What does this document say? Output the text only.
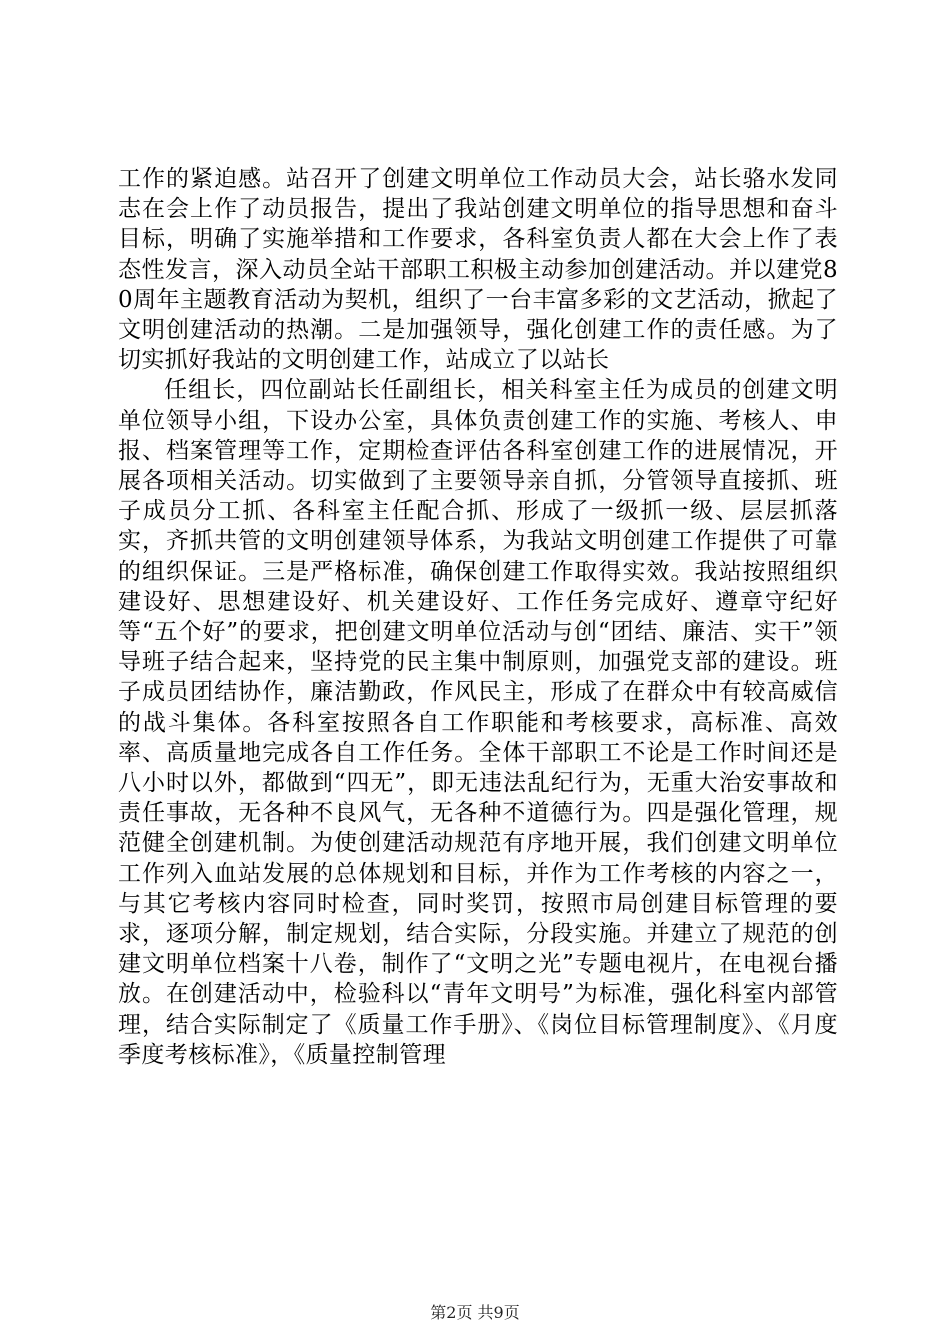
工作的紧迫感。站召开了创建文明单位工作动员大会，站长骆水发同志在会上作了动员报告，提出了我站创建文明单位的指导思想和奋斗目标，明确了实施举措和工作要求，各科室负责人都在大会上作了表态性发言，深入动员全站干部职工积极主动参加创建活动。并以建党80周年主题教育活动为契机，组织了一台丰富多彩的文艺活动，掀起了文明创建活动的热潮。二是加强领导，强化创建工作的责任感。为了切实抓好我站的文明创建工作，站成立了以站长

任组长，四位副站长任副组长，相关科室主任为成员的创建文明单位领导小组，下设办公室，具体负责创建工作的实施、考核人、申报、档案管理等工作，定期检查评估各科室创建工作的进展情况，开展各项相关活动。切实做到了主要领导亲自抓，分管领导直接抓、班子成员分工抓、各科室主任配合抓、形成了一级抓一级、层层抓落实，齐抓共管的文明创建领导体系，为我站文明创建工作提供了可靠的组织保证。三是严格标准，确保创建工作取得实效。我站按照组织建设好、思想建设好、机关建设好、工作任务完成好、遵章守纪好等“五个好”的要求，把创建文明单位活动与创“团结、廉洁、实干”领导班子结合起来，坚持党的民主集中制原则，加强党支部的建设。班子成员团结协作，廉洁勤政，作风民主，形成了在群众中有较高威信的战斗集体。各科室按照各自工作职能和考核要求，高标准、高效率、高质量地完成各自工作任务。全体干部职工不论是工作时间还是八小时以外，都做到“四无”，即无违法乱纪行为，无重大治安事故和责任事故，无各种不良风气，无各种不道德行为。四是强化管理，规范健全创建机制。为使创建活动规范有序地开展，我们创建文明单位工作列入血站发展的总体规划和目标，并作为工作考核的内容之一，与其它考核内容同时检查，同时奖罚，按照市局创建目标管理的要求，逐项分解，制定规划，结合实际，分段实施。并建立了规范的创建文明单位档案十八卷，制作了“文明之光”专题电视片，在电视台播放。在创建活动中，检验科以“青年文明号”为标准，强化科室内部管理，结合实际制定了《质量工作手册》、《岗位目标管理制度》、《月度季度考核标准》，《质量控制管理

第2页 共9页
